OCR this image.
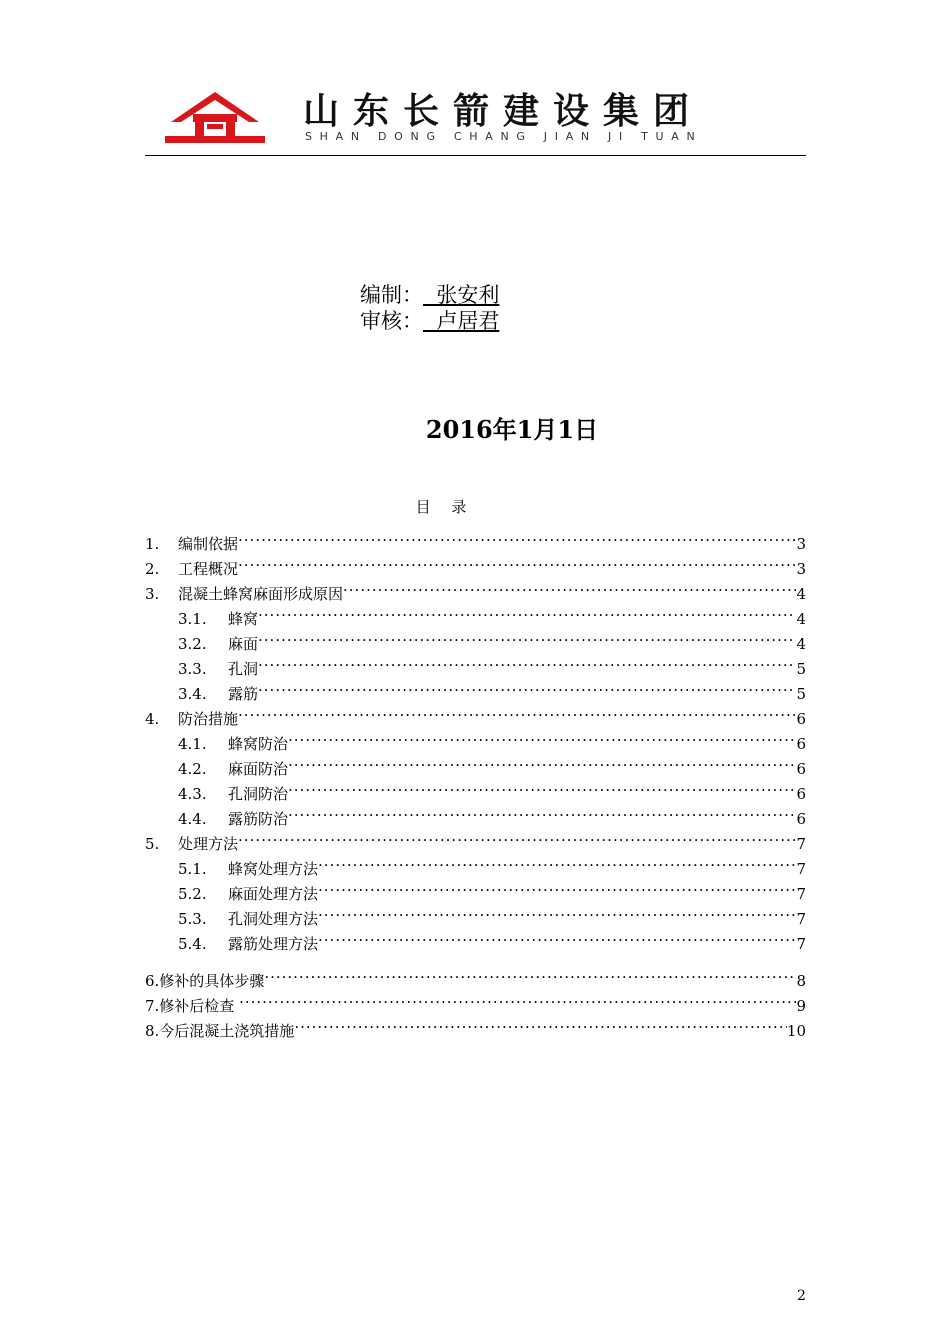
山东长箭建设集团
SHAN DONG CHANG JIAN JI TUAN
编制：  张安利
审核：  卢居君
2016年1月1日
目 录
1.	编制依据 .....	3
2.	工程概况 .....	3
3.	混凝土蜂窝麻面形成原因 .....	4
3.1.	蜂窝 .....	4
3.2.	麻面 .....	4
3.3.	孔洞 .....	5
3.4.	露筋 .....	5
4.	防治措施 .....	6
4.1.	蜂窝防治 .....	6
4.2.	麻面防治 .....	6
4.3.	孔洞防治 .....	6
4.4.	露筋防治 .....	6
5.	处理方法 .....	7
5.1.	蜂窝处理方法 .....	7
5.2.	麻面处理方法 .....	7
5.3.	孔洞处理方法 .....	7
5.4.	露筋处理方法 .....	7
6.修补的具体步骤 .....	8
7.修补后检查 .....	9
8.今后混凝土浇筑措施 .....	10
2
